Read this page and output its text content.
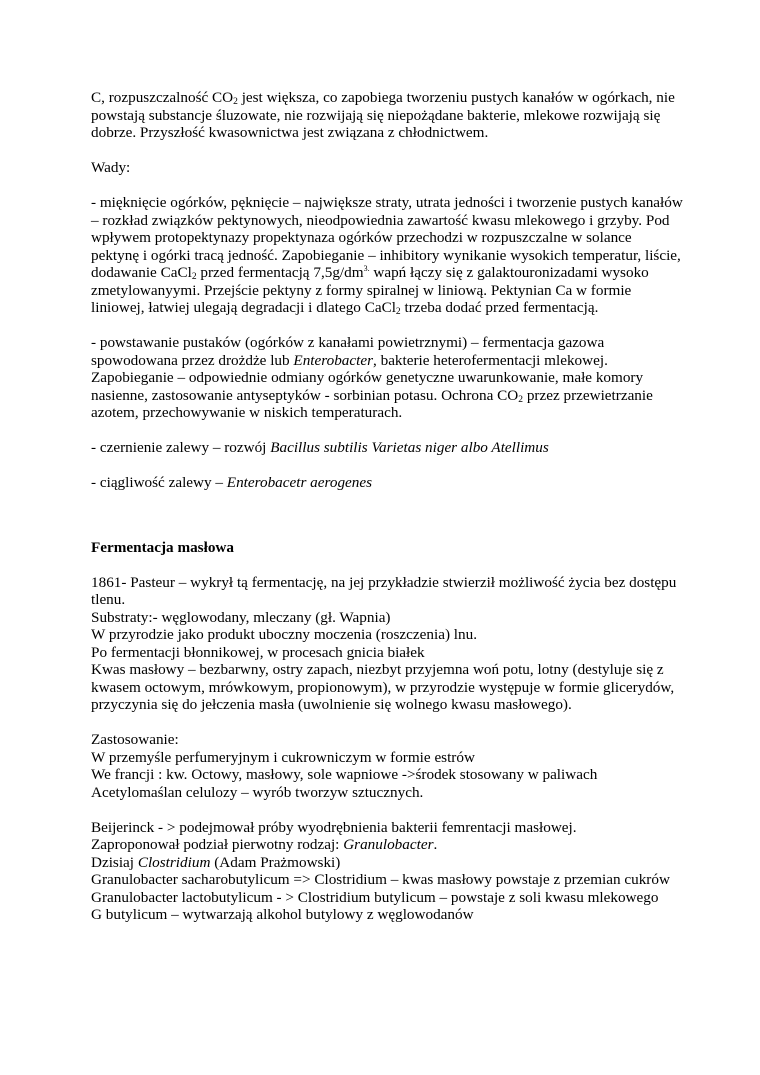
C, rozpuszczalność $CO_2$ jest większa, co zapobiega tworzeniu pustych kanałów w ogórkach, nie powstają substancje śluzowate, nie rozwijają się niepożądane bakterie, mlekowe rozwijają się dobrze. Przyszłość kwasownictwa jest związana z chłodnictwem.

Wady:

- mięknięcie ogórków, pęknięcie – największe straty, utrata jedności i tworzenie pustych kanałów – rozkład związków pektynowych, nieodpowiednia zawartość kwasu mlekowego i grzyby. Pod wpływem protopektynazy propektynaza ogórków przechodzi w rozpuszczalne w solance pektynę i ogórki tracą jedność. Zapobieganie – inhibitory wynikanie wysokich temperatur, liście, dodawanie CaCl$_2$ przed fermentacją $7,5g/dm^{3.}$ wapń łączy się z galaktouronizadami wysoko zmetylowanyymi. Przejście pektyny z formy spiralnej w liniową. Pektynian Ca w formie liniowej, łatwiej ulegają degradacji i dlatego CaCl$_2$ trzeba dodać przed fermentacją.

- powstawanie pustaków (ogórków z kanałami powietrznymi) – fermentacja gazowa spowodowana przez drożdże lub Enterobacter, bakterie heterofermentacji mlekowej. Zapobieganie – odpowiednie odmiany ogórków genetyczne uwarunkowanie, małe komory nasienne, zastosowanie antyseptyków - sorbinian potasu. Ochrona $CO_2$ przez przewietrzanie azotem, przechowywanie w niskich temperaturach.

- czernienie zalewy – rozwój Bacillus subtilis Varietas niger albo Atellimus

- ciągliwość zalewy – Enterobacetr aerogenes

Fermentacja masłowa

1861- Pasteur – wykrył tą fermentację, na jej przykładzie stwierził możliwość życia bez dostępu tlenu.

Substraty:- węglowodany, mleczany (gł. Wapnia)

W przyrodzie jako produkt uboczny moczenia (roszczenia) lnu.

Po fermentacji błonnikowej, w procesach gnicia białek

Kwas masłowy – bezbarwny, ostry zapach, niezbyt przyjemna woń potu, lotny (destyluje się z kwasem octowym, mrówkowym, propionowym), w przyrodzie występuje w formie glicerydów, przyczynia się do jełczenia masła (uwolnienie się wolnego kwasu masłowego).

Zastosowanie:

W przemyśle perfumeryjnym i cukrowniczym w formie estrów

We francji : kw. Octowy, masłowy, sole wapniowe ->środek stosowany w paliwach

Acetylomaślan celulozy – wyrób tworzyw sztucznych.

Beijerinck - > podejmował próby wyodrębnienia bakterii femrentacji masłowej.

Zaproponował podział pierwotny rodzaj: Granulobacter.

Dzisiaj Clostridium (Adam Prażmowski)

Granulobacter sacharobutylicum => Clostridium – kwas masłowy powstaje z przemian cukrów

Granulobacter lactobutylicum - > Clostridium butylicum – powstaje z soli kwasu mlekowego

G butylicum – wytwarzają alkohol butylowy z węglowodanów
